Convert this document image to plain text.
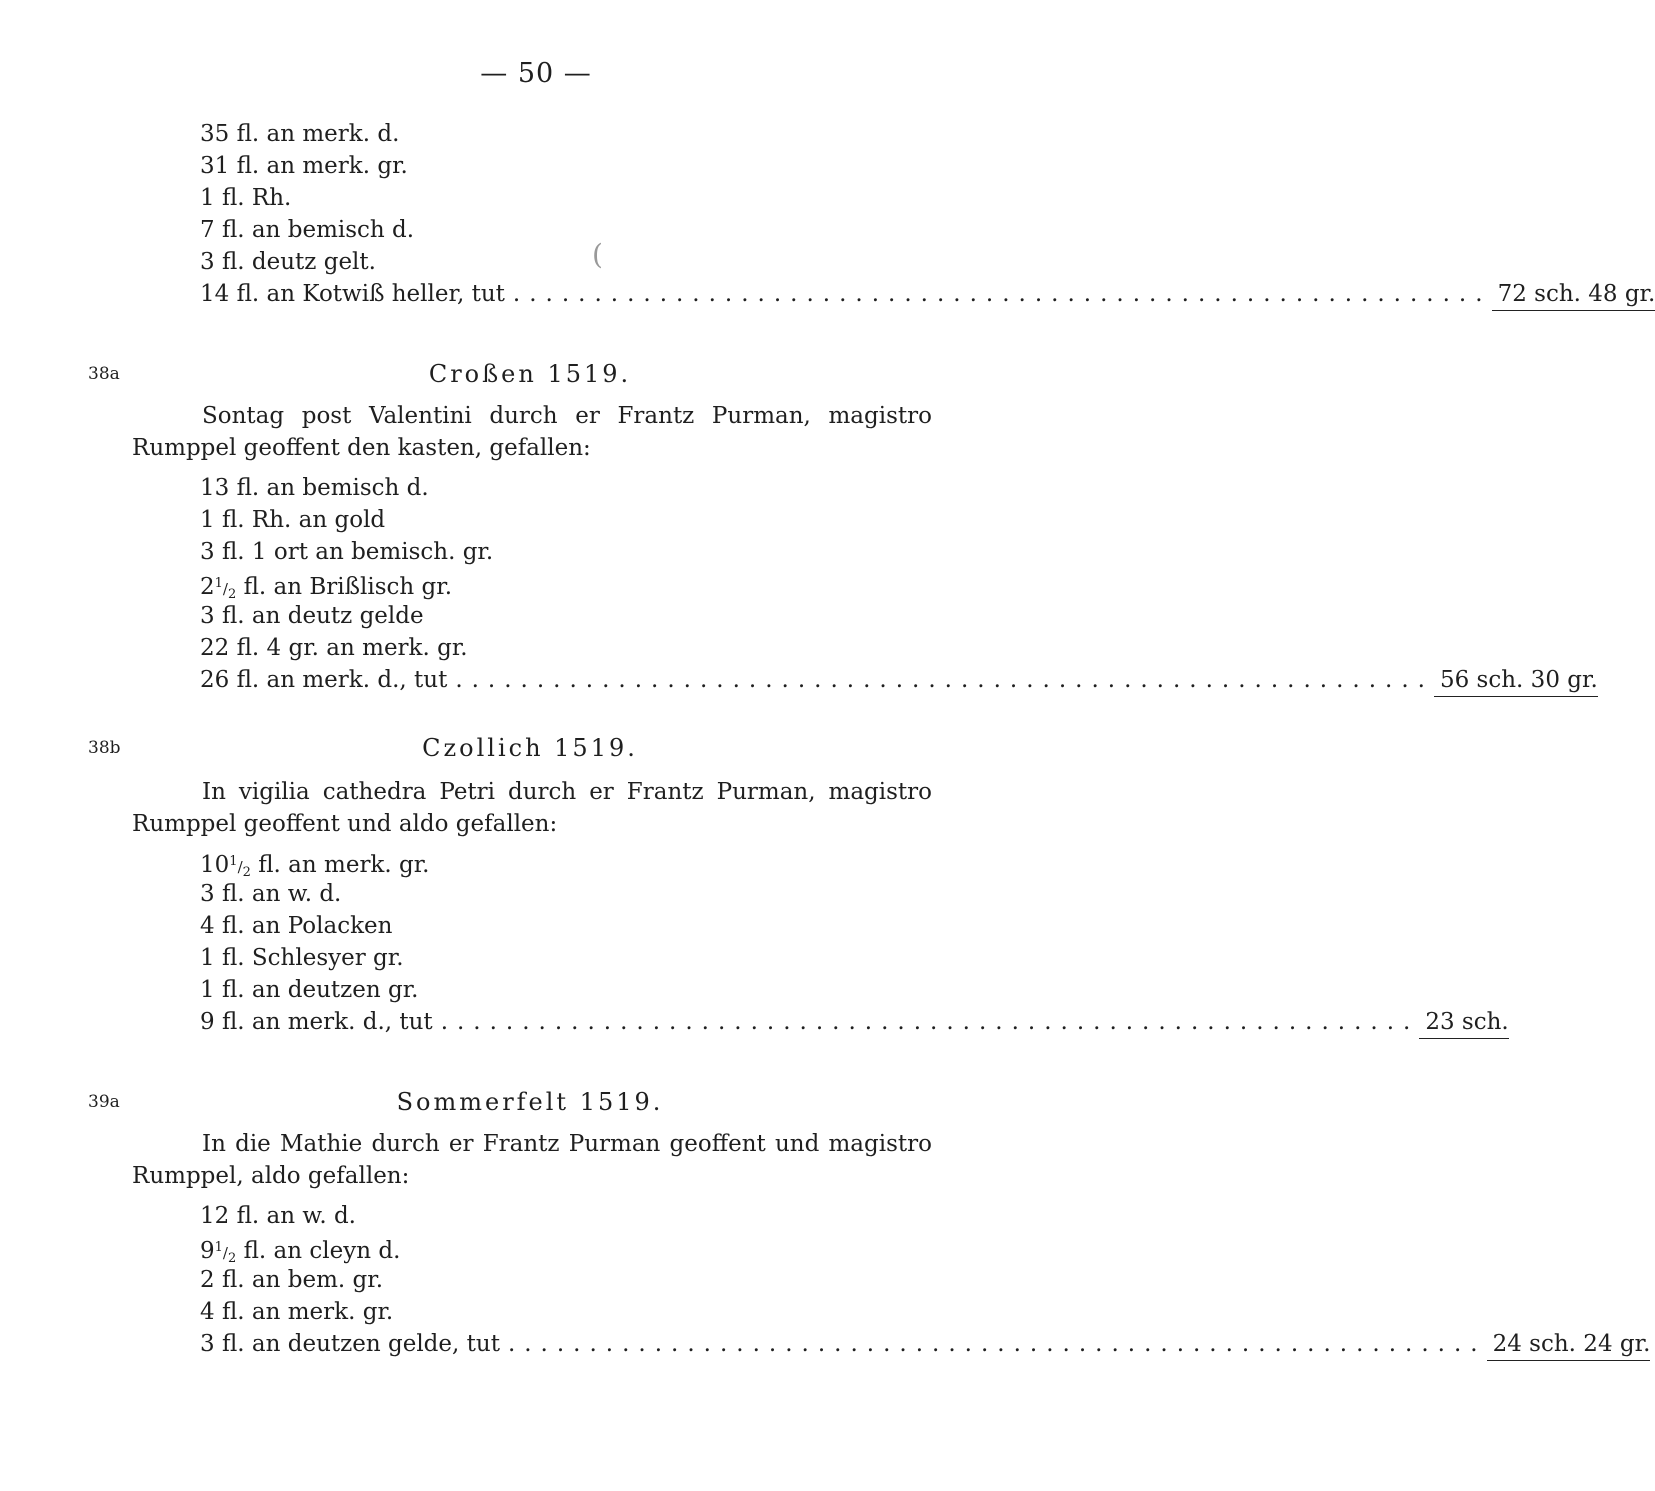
— 50 —
(
35 fl. an merk. d.
31 fl. an merk. gr.
1 fl. Rh.
7 fl. an bemisch d.
3 fl. deutz gelt.
14 fl. an Kotwiß heller, tut ............................................................ 72 sch. 48 gr.
38a	Croßen 1519.
Sontag post Valentini durch er Frantz Purman, magistro
Rumppel geoffent den kasten, gefallen:
13 fl. an bemisch d.
1 fl. Rh. an gold
3 fl. 1 ort an bemisch. gr.
$2^1/_2$ fl. an Brißlisch gr.
3 fl. an deutz gelde
22 fl. 4 gr. an merk. gr.
26 fl. an merk. d., tut ............................................................ 56 sch. 30 gr.
38b	Czollich 1519.
In vigilia cathedra Petri durch er Frantz Purman, magistro
Rumppel geoffent und aldo gefallen:
$10^1/_2$ fl. an merk. gr.
3 fl. an w. d.
4 fl. an Polacken
1 fl. Schlesyer gr.
1 fl. an deutzen gr.
9 fl. an merk. d., tut ............................................................ 23 sch.
39a	Sommerfelt 1519.
In die Mathie durch er Frantz Purman geoffent und magistro
Rumppel, aldo gefallen:
12 fl. an w. d.
$9^1/_2$ fl. an cleyn d.
2 fl. an bem. gr.
4 fl. an merk. gr.
3 fl. an deutzen gelde, tut ............................................................ 24 sch. 24 gr.
